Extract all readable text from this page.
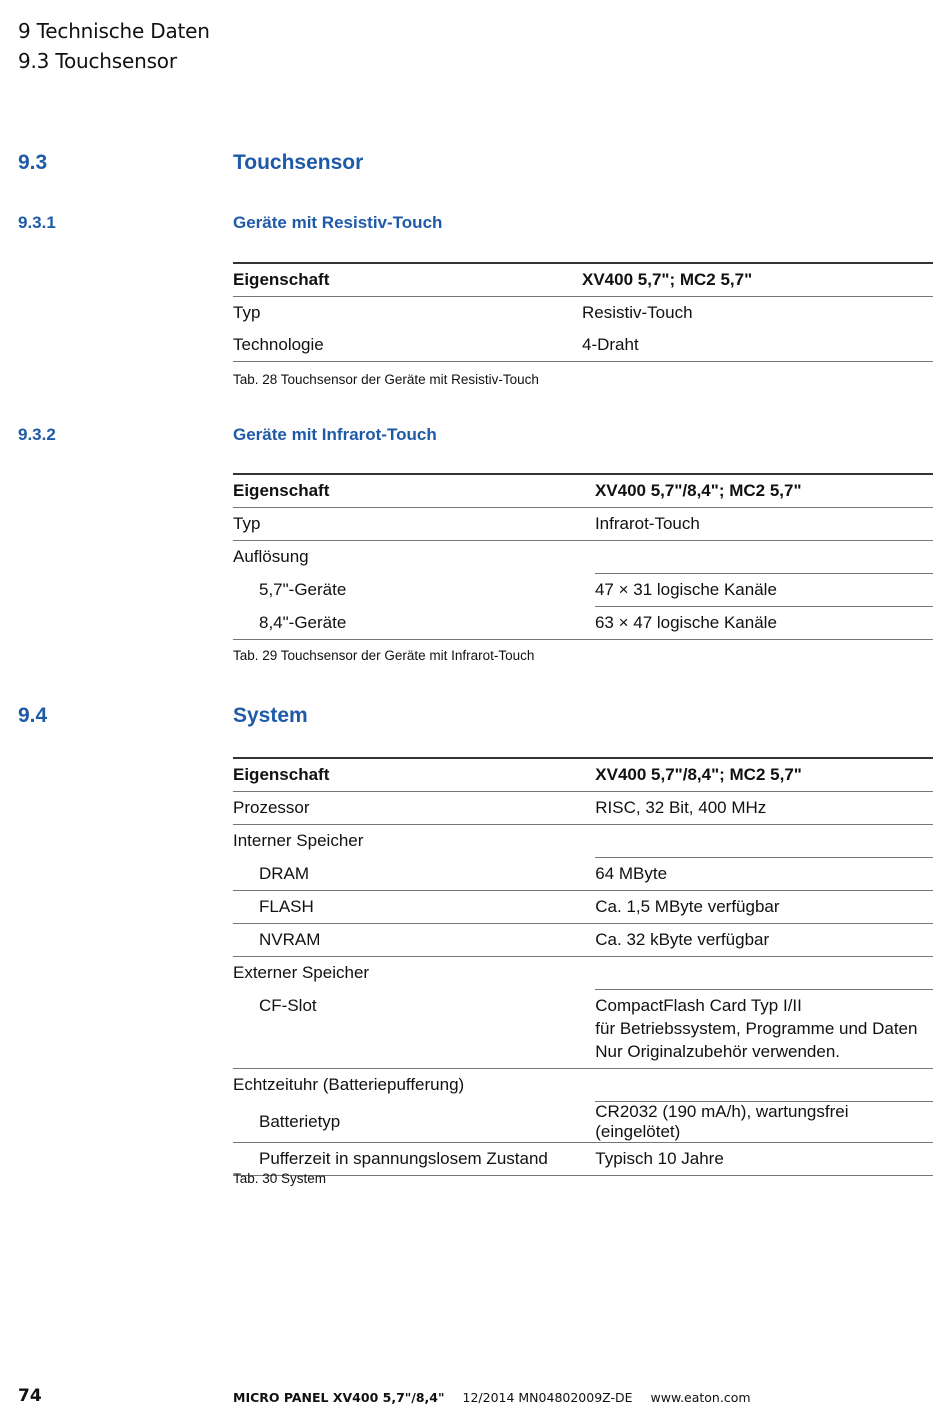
9 Technische Daten
9.3 Touchsensor
9.3	Touchsensor
9.3.1	Geräte mit Resistiv-Touch
Eigenschaft	XV400 5,7"; MC2 5,7"
Typ	Resistiv-Touch
Technologie	4-Draht
Tab. 28 Touchsensor der Geräte mit Resistiv-Touch
9.3.2	Geräte mit Infrarot-Touch
Eigenschaft	XV400 5,7"/8,4"; MC2 5,7"
Typ	Infrarot-Touch
Auflösung	
5,7"-Geräte	47 × 31 logische Kanäle
8,4"-Geräte	63 × 47 logische Kanäle
Tab. 29 Touchsensor der Geräte mit Infrarot-Touch
9.4	System
Eigenschaft	XV400 5,7"/8,4"; MC2 5,7"
Prozessor	RISC, 32 Bit, 400 MHz
Interner Speicher	
DRAM	64 MByte
FLASH	Ca. 1,5 MByte verfügbar
NVRAM	Ca. 32 kByte verfügbar
Externer Speicher	
CF-Slot	CompactFlash Card Typ I/II
für Betriebssystem, Programme und Daten
Nur Originalzubehör verwenden.

Echtzeituhr (Batteriepufferung)	
Batterietyp	CR2032 (190 mA/h), wartungsfrei (eingelötet)
Pufferzeit in spannungslosem Zustand	Typisch 10 Jahre
Tab. 30 System
74	MICRO PANEL XV400 5,7"/8,4" 12/2014 MN04802009Z-DE www.eaton.com
